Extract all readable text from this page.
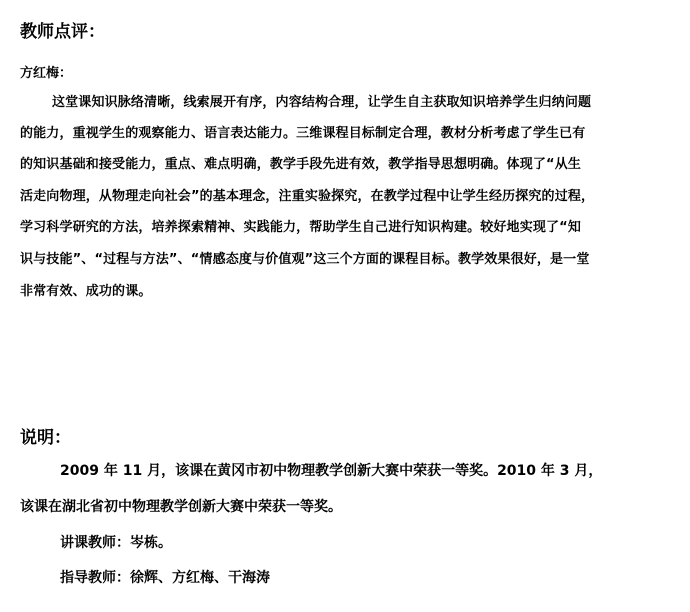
教师点评：
方红梅：
这堂课知识脉络清晰，线索展开有序，内容结构合理，让学生自主获取知识培养学生归纳问题
的能力，重视学生的观察能力、语言表达能力。三维课程目标制定合理，教材分析考虑了学生已有
的知识基础和接受能力，重点、难点明确，教学手段先进有效，教学指导思想明确。体现了“从生
活走向物理，从物理走向社会”的基本理念，注重实验探究，在教学过程中让学生经历探究的过程，
学习科学研究的方法，培养探索精神、实践能力，帮助学生自己进行知识构建。较好地实现了“知
识与技能”、“过程与方法”、“情感态度与价值观”这三个方面的课程目标。教学效果很好，是一堂
非常有效、成功的课。
说明：
2009 年 11 月，该课在黄冈市初中物理教学创新大赛中荣获一等奖。2010 年 3 月，
该课在湖北省初中物理教学创新大赛中荣获一等奖。
讲课教师：岑栋。
指导教师：徐辉、方红梅、干海涛
